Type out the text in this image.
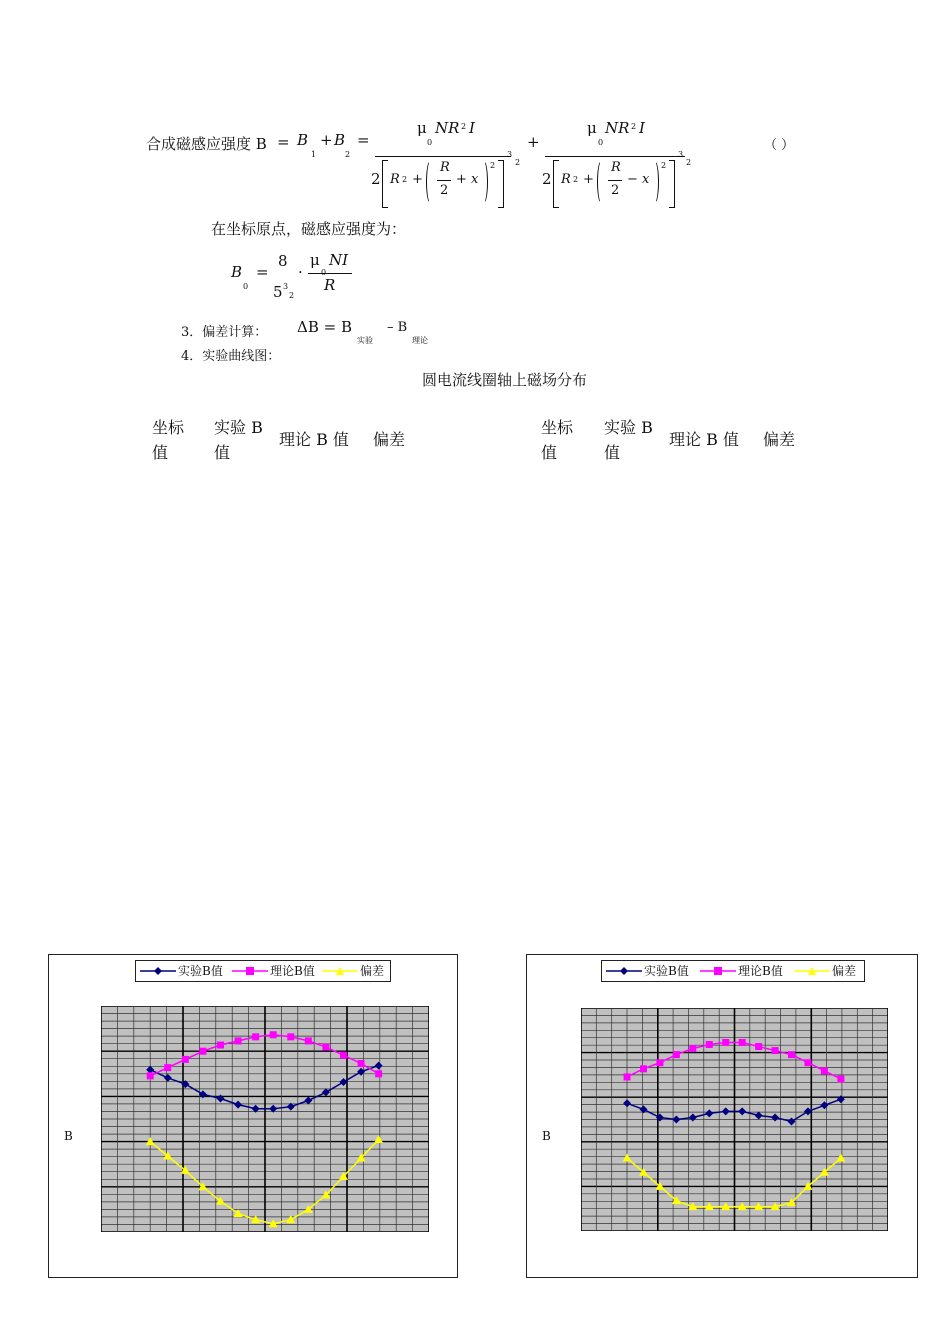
合成磁感应强度 B = B
1
+ B
2
=
μ
0
NR 2 I
2 R 2 +
R
2
+ x
2
3
2
+
μ
0
NR 2 I
2 R 2 +
R
2
− x
2
3
2
（ ）
在坐标原点，磁感应强度为：
B
0
=
8
5 3
2
·
μ NI
R
3．偏差计算： ΔB = B
实验
– B
理论
4．实验曲线图：
圆电流线圈轴上磁场分布
坐标
值
实验 B
值
理论 B 值 偏差
坐标
值
实验 B
值
理论 B 值 偏差
实验B值	理论B值	偏差
B
实验B值	理论B值	偏差
B
